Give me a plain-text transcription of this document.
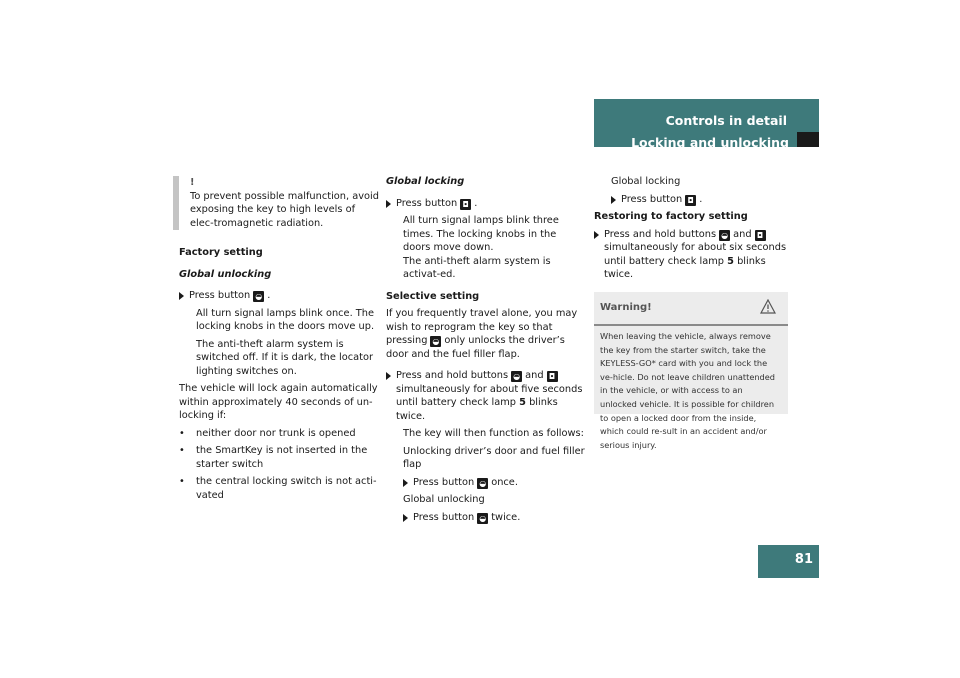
Controls in detail
Locking and unlocking

!

To prevent possible malfunction, avoid exposing the key to high levels of elec-tromagnetic radiation.

Factory setting

Global unlocking

Press button ◒ .

All turn signal lamps blink once. The locking knobs in the doors move up.

The anti-theft alarm system is switched off. If it is dark, the locator lighting switches on.

The vehicle will lock again automatically within approximately 40 seconds of un-locking if:

• neither door nor trunk is opened

• the SmartKey is not inserted in the starter switch

• the central locking switch is not acti-vated

Global locking

Press button ◘ .

All turn signal lamps blink three times. The locking knobs in the doors move down.

The anti-theft alarm system is activat-ed.

Selective setting

If you frequently travel alone, you may wish to reprogram the key so that pressing ◒ only unlocks the driver’s door and the fuel filler flap.

Press and hold buttons ◒ and ◘ simultaneously for about five seconds until battery check lamp 5 blinks twice.

The key will then function as follows:

Unlocking driver’s door and fuel filler flap

Press button ◒ once.

Global unlocking

Press button ◒ twice.

Global locking

Press button ◘ .

Restoring to factory setting

Press and hold buttons ◒ and ◘ simultaneously for about six seconds until battery check lamp 5 blinks twice.

Warning!
When leaving the vehicle, always remove the key from the starter switch, take the KEYLESS-GO* card with you and lock the ve-hicle. Do not leave children unattended in the vehicle, or with access to an unlocked vehicle. It is possible for children to open a locked door from the inside, which could re-sult in an accident and/or serious injury.
81
